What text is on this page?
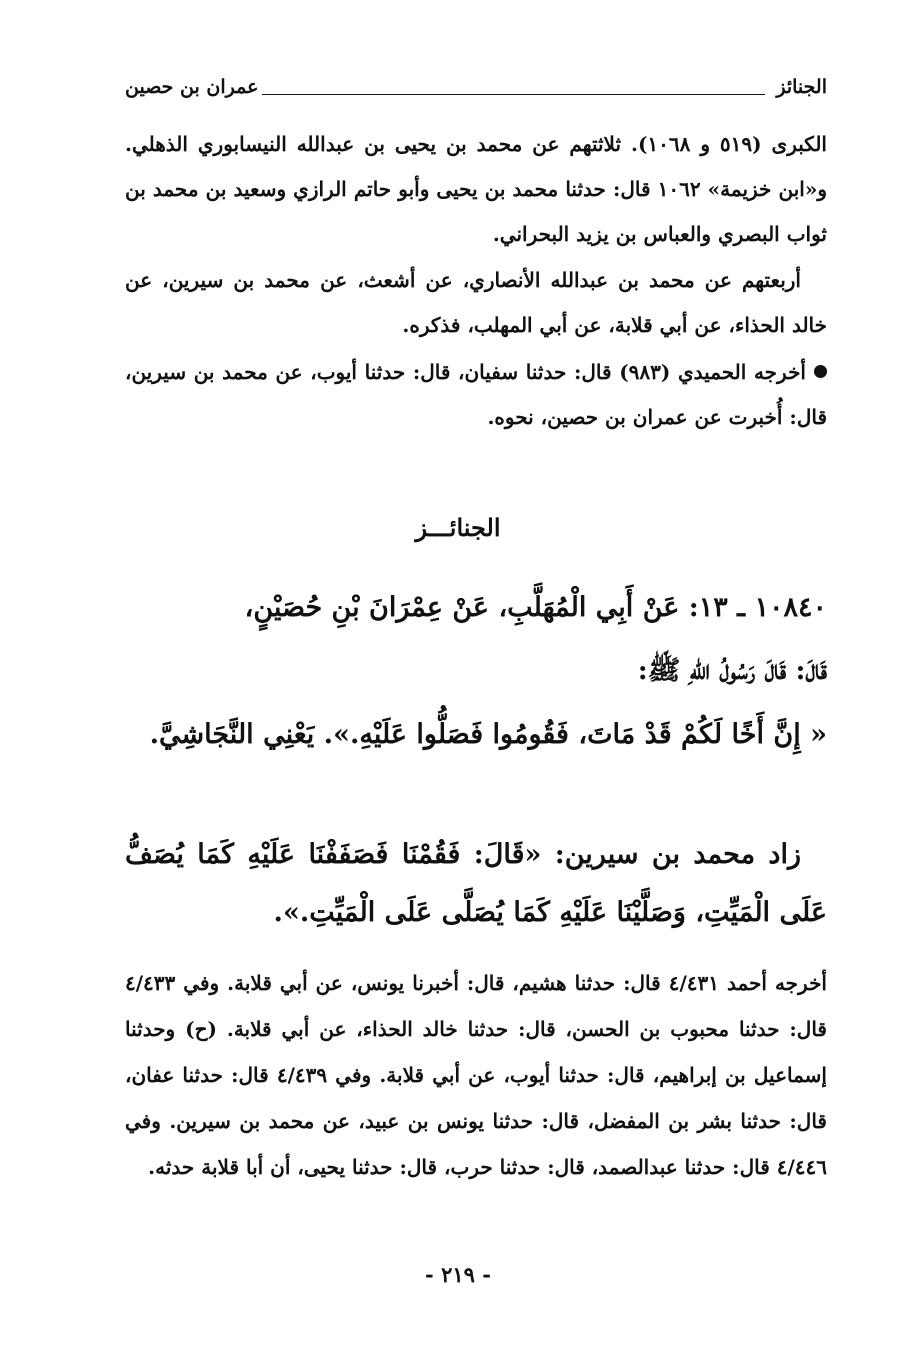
الجنائز
عمران بن حصين
الكبرى (٥١٩ و ١٠٦٨). ثلاثتهم عن محمد بن يحيى بن عبدالله النيسابوري الذهلي. و«ابن خزيمة» ١٠٦٢ قال: حدثنا محمد بن يحيى وأبو حاتم الرازي وسعيد بن محمد بن ثواب البصري والعباس بن يزيد البحراني.
أربعتهم عن محمد بن عبدالله الأنصاري، عن أشعث، عن محمد بن سيرين، عن خالد الحذاء، عن أبي قلابة، عن أبي المهلب، فذكره.
أخرجه الحميدي (٩٨٣) قال: حدثنا سفيان، قال: حدثنا أيوب، عن محمد بن سيرين، قال: أُخبرت عن عمران بن حصين، نحوه.
الجنائـــز
١٠٨٤٠ ـ ١٣: عَنْ أَبِي الْمُهَلَّبِ، عَنْ عِمْرَانَ بْنِ حُصَيْنٍ،
قَالَ: قَالَ رَسُولُ اللهِ ﷺ:
« إِنَّ أَخًا لَكُمْ قَدْ مَاتَ، فَقُومُوا فَصَلُّوا عَلَيْهِ.». يَعْنِي النَّجَاشِيَّ.
زاد محمد بن سيرين: «قَالَ: فَقُمْنَا فَصَفَفْنَا عَلَيْهِ كَمَا يُصَفُّ عَلَى الْمَيِّتِ، وَصَلَّيْنَا عَلَيْهِ كَمَا يُصَلَّى عَلَى الْمَيِّتِ.».
أخرجه أحمد ٤/٤٣١ قال: حدثنا هشيم، قال: أخبرنا يونس، عن أبي قلابة. وفي ٤/٤٣٣ قال: حدثنا محبوب بن الحسن، قال: حدثنا خالد الحذاء، عن أبي قلابة. (ح) وحدثنا إسماعيل بن إبراهيم، قال: حدثنا أيوب، عن أبي قلابة. وفي ٤/٤٣٩ قال: حدثنا عفان، قال: حدثنا بشر بن المفضل، قال: حدثنا يونس بن عبيد، عن محمد بن سيرين. وفي ٤/٤٤٦ قال: حدثنا عبدالصمد، قال: حدثنا حرب، قال: حدثنا يحيى، أن أبا قلابة حدثه.
- ٢١٩ -
